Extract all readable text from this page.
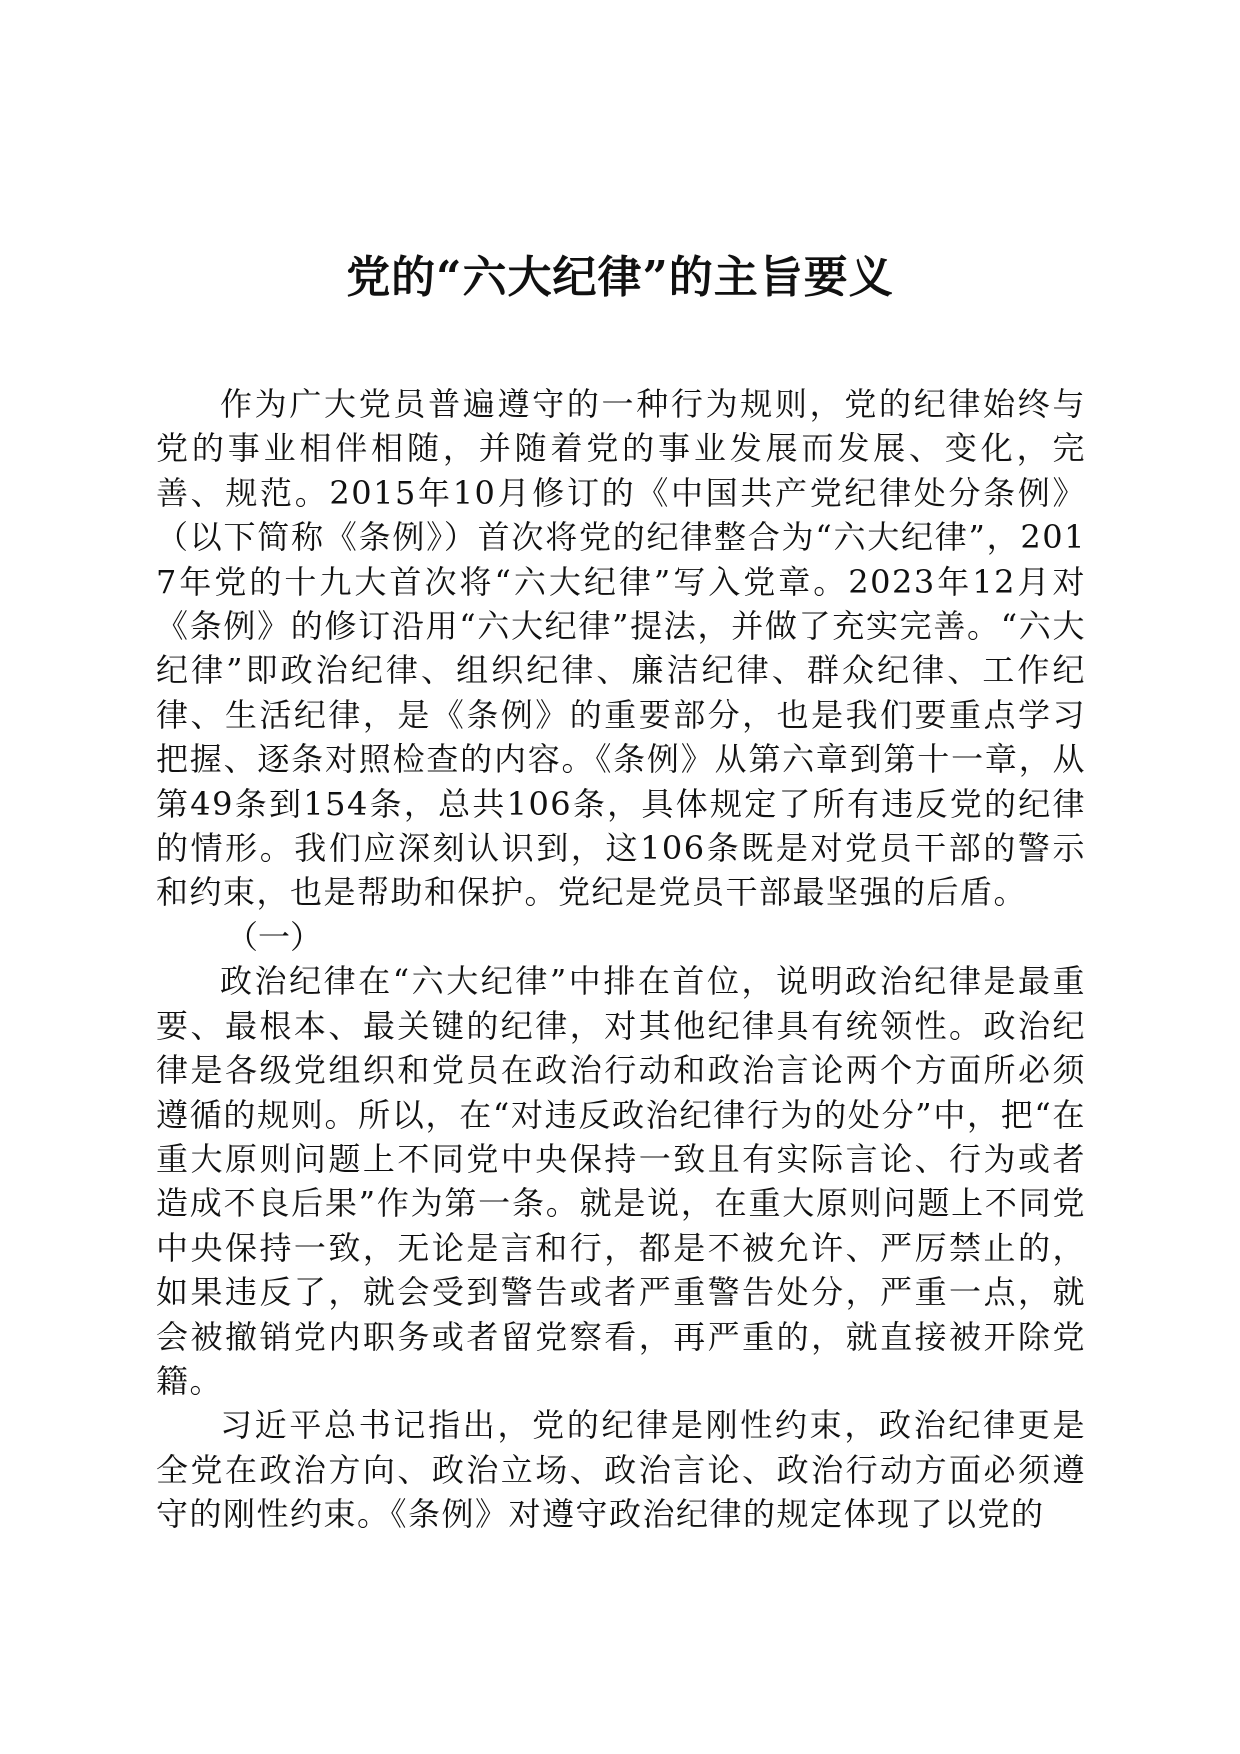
党的“六大纪律”的主旨要义

作为广大党员普遍遵守的一种行为规则，党的纪律始终与党的事业相伴相随，并随着党的事业发展而发展、变化，完善、规范。2015年10月修订的《中国共产党纪律处分条例》（以下简称《条例》）首次将党的纪律整合为“六大纪律”，2017年党的十九大首次将“六大纪律”写入党章。2023年12月对《条例》的修订沿用“六大纪律”提法，并做了充实完善。“六大纪律”即政治纪律、组织纪律、廉洁纪律、群众纪律、工作纪律、生活纪律，是《条例》的重要部分，也是我们要重点学习把握、逐条对照检查的内容。《条例》从第六章到第十一章，从第49条到154条，总共106条，具体规定了所有违反党的纪律的情形。我们应深刻认识到，这106条既是对党员干部的警示和约束，也是帮助和保护。党纪是党员干部最坚强的后盾。

（一）

政治纪律在“六大纪律”中排在首位，说明政治纪律是最重要、最根本、最关键的纪律，对其他纪律具有统领性。政治纪律是各级党组织和党员在政治行动和政治言论两个方面所必须遵循的规则。所以，在“对违反政治纪律行为的处分”中，把“在重大原则问题上不同党中央保持一致且有实际言论、行为或者造成不良后果”作为第一条。就是说，在重大原则问题上不同党中央保持一致，无论是言和行，都是不被允许、严厉禁止的，如果违反了，就会受到警告或者严重警告处分，严重一点，就会被撤销党内职务或者留党察看，再严重的，就直接被开除党籍。

习近平总书记指出，党的纪律是刚性约束，政治纪律更是全党在政治方向、政治立场、政治言论、政治行动方面必须遵守的刚性约束。《条例》对遵守政治纪律的规定体现了以党的
